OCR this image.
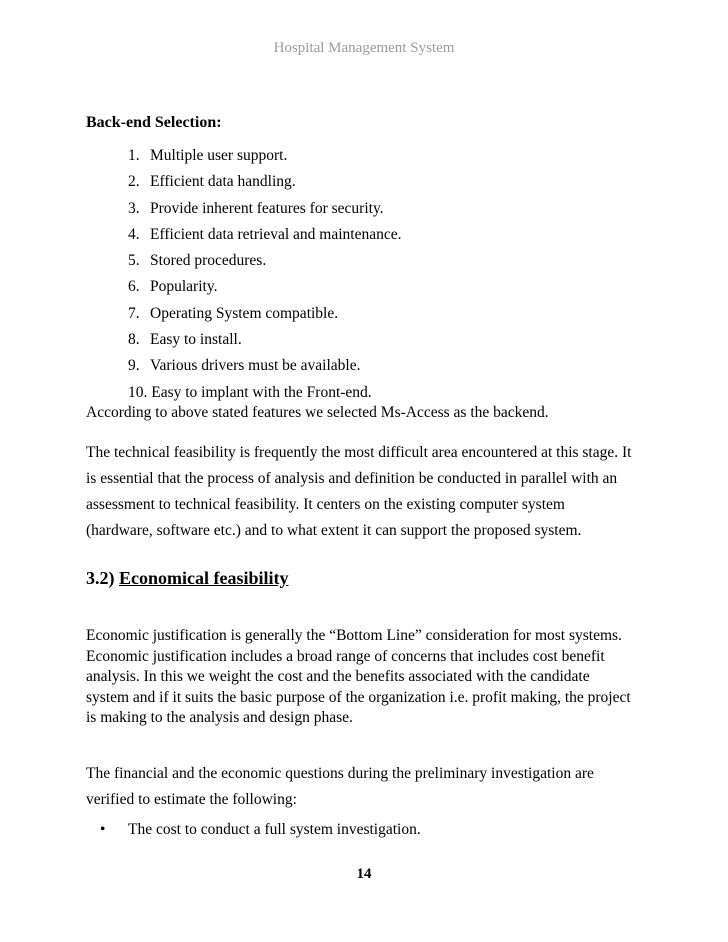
Hospital Management System
Back-end Selection:
1. Multiple user support.
2. Efficient data handling.
3. Provide inherent features for security.
4. Efficient data retrieval and maintenance.
5. Stored procedures.
6. Popularity.
7. Operating System compatible.
8. Easy to install.
9. Various drivers must be available.
10. Easy to implant with the Front-end.
According to above stated features we selected Ms-Access as the backend.
The technical feasibility is frequently the most difficult area encountered at this stage. It
is essential that the process of analysis and definition be conducted in parallel with an
assessment to technical feasibility. It centers on the existing computer system
(hardware, software etc.) and to what extent it can support the proposed system.
3.2) Economical feasibility
Economic justification is generally the “Bottom Line” consideration for most systems.
Economic justification includes a broad range of concerns that includes cost benefit
analysis. In this we weight the cost and the benefits associated with the candidate
system and if it suits the basic purpose of the organization i.e. profit making, the project
is making to the analysis and design phase.
The financial and the economic questions during the preliminary investigation are
verified to estimate the following:
• The cost to conduct a full system investigation.
14
